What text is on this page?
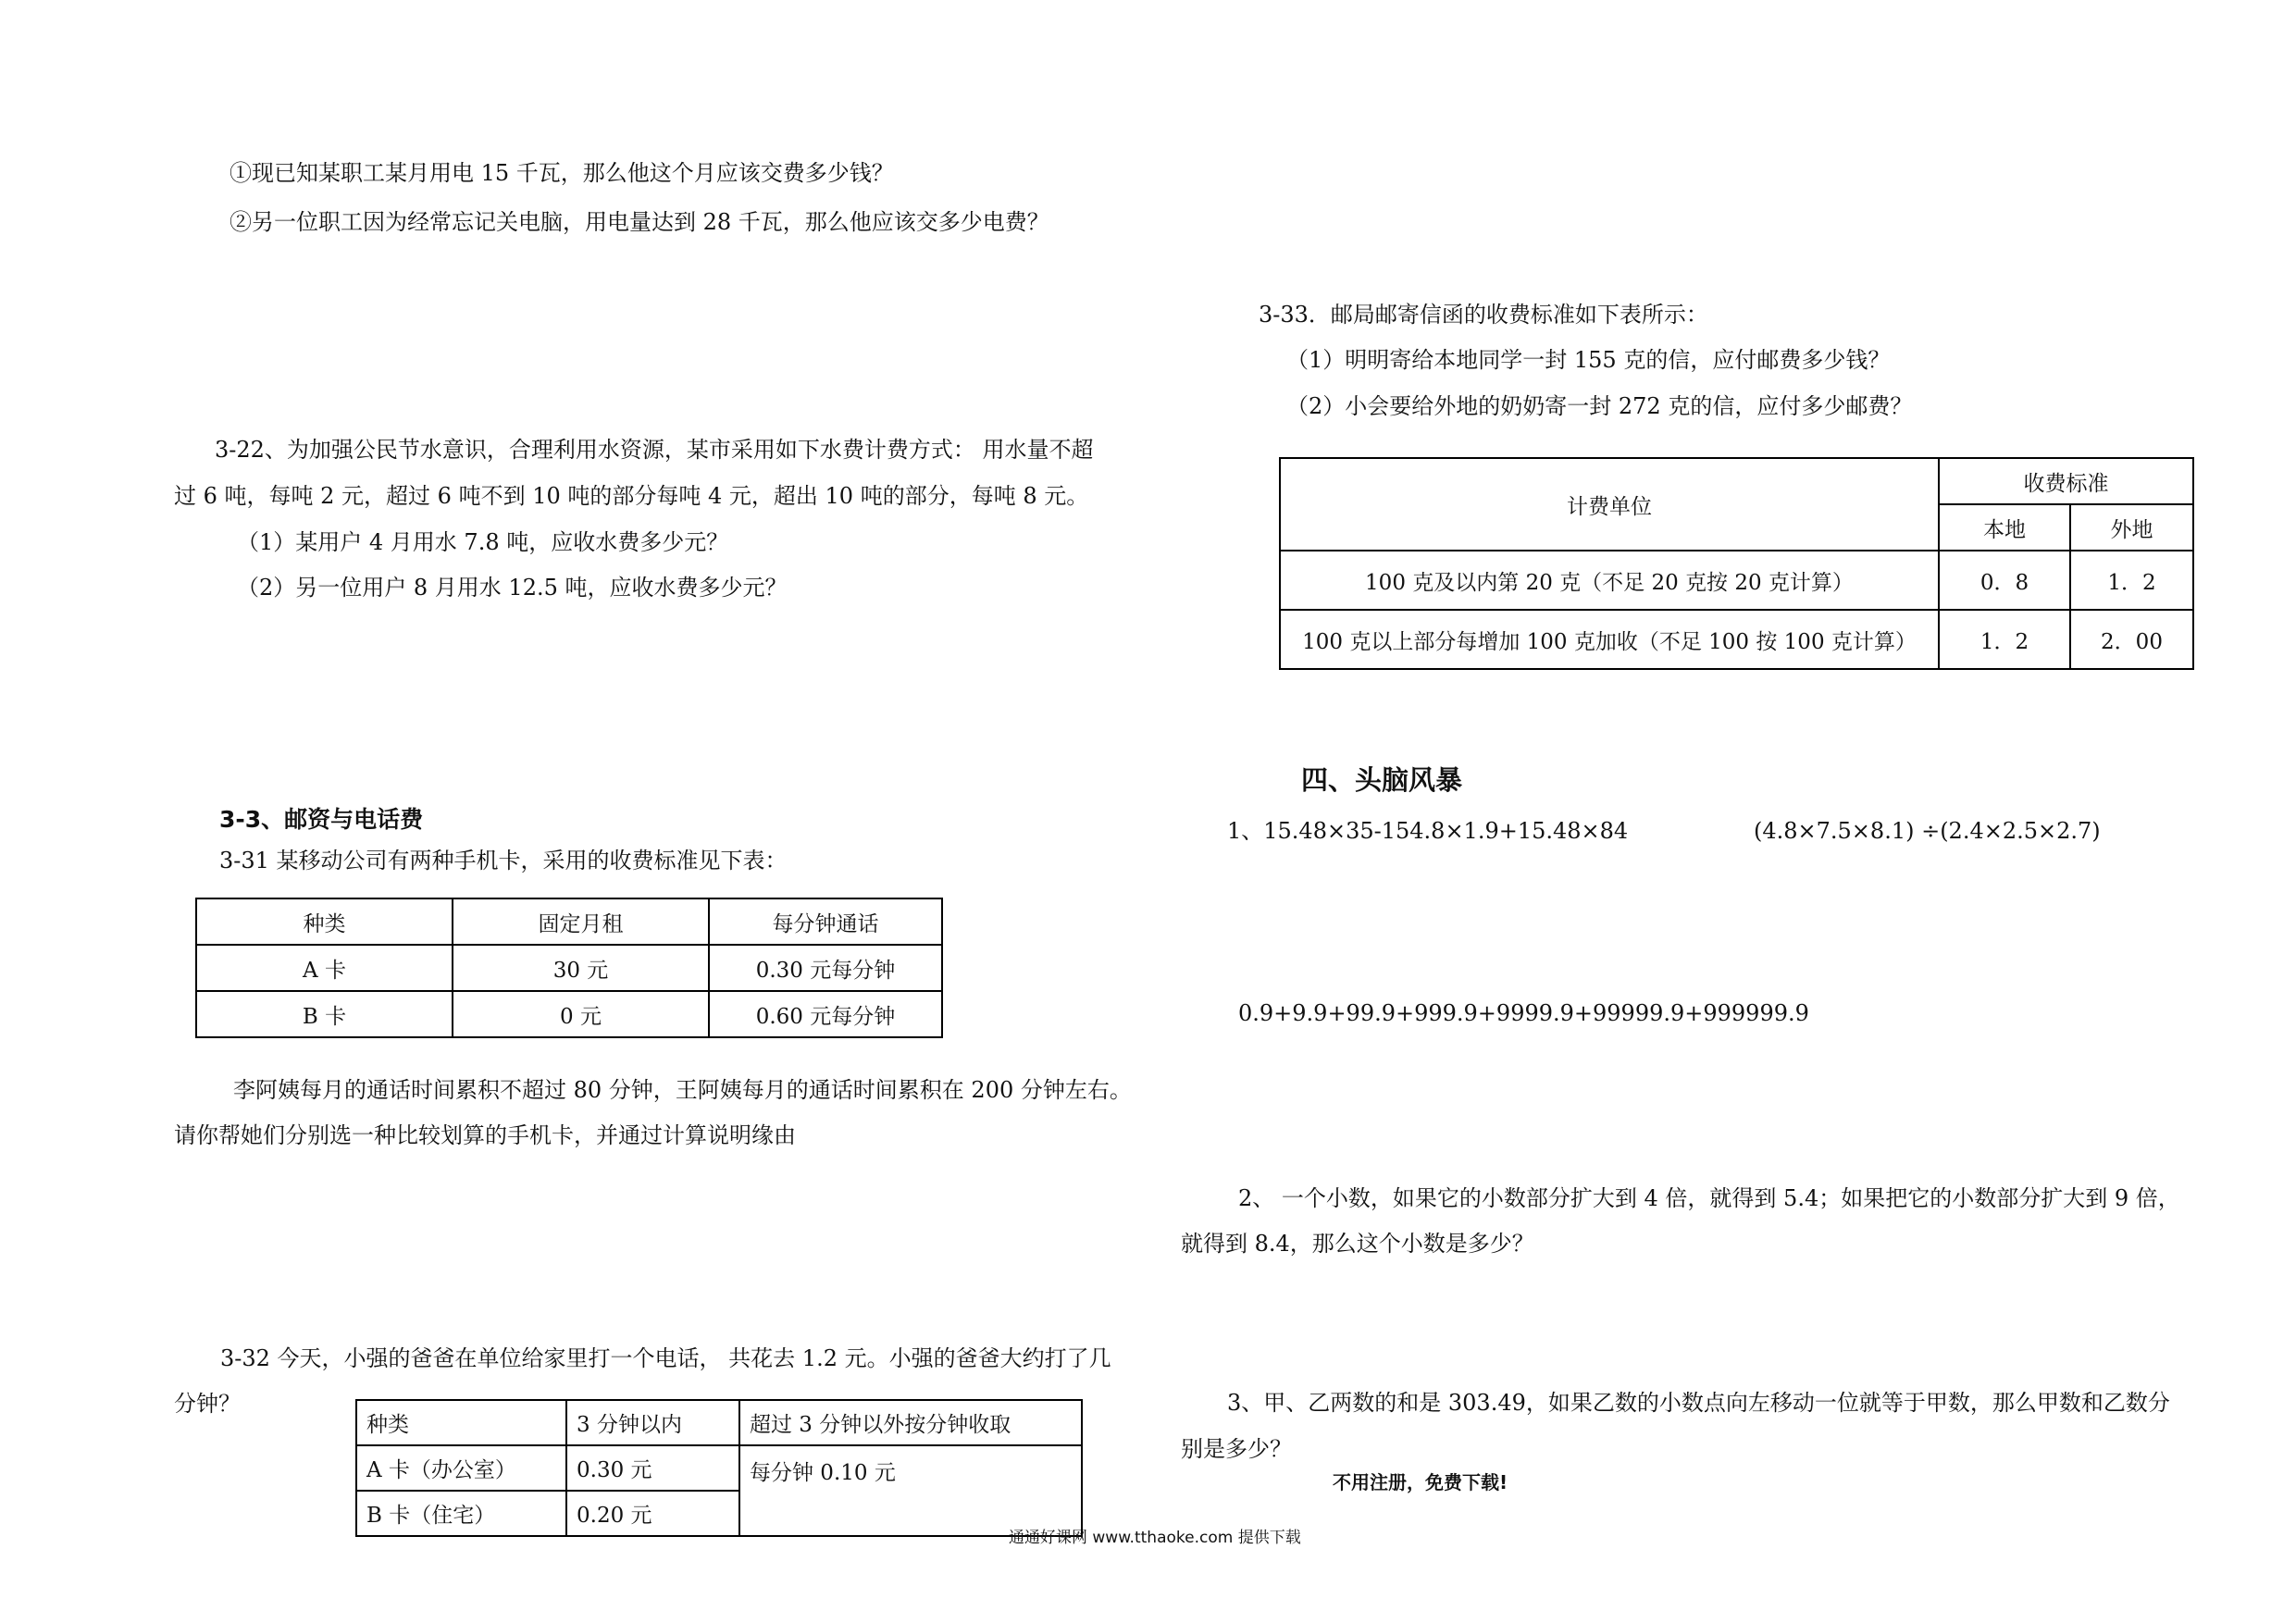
①现已知某职工某月用电 15 千瓦，那么他这个月应该交费多少钱？
②另一位职工因为经常忘记关电脑，用电量达到 28 千瓦，那么他应该交多少电费？
3-22、为加强公民节水意识，合理利用水资源，某市采用如下水费计费方式： 用水量不超
过 6 吨，每吨 2 元，超过 6 吨不到 10 吨的部分每吨 4 元，超出 10 吨的部分，每吨 8 元。
（1）某用户 4 月用水 7.8 吨，应收水费多少元？
（2）另一位用户 8 月用水 12.5 吨，应收水费多少元？
3-3、邮资与电话费
3-31 某移动公司有两种手机卡，采用的收费标准见下表：
种类	固定月租	每分钟通话
A 卡	30 元	0.30 元每分钟
B 卡	0 元	0.60 元每分钟
李阿姨每月的通话时间累积不超过 80 分钟，王阿姨每月的通话时间累积在 200 分钟左右。
请你帮她们分别选一种比较划算的手机卡，并通过计算说明缘由
3-32 今天，小强的爸爸在单位给家里打一个电话， 共花去 1.2 元。小强的爸爸大约打了几
分钟？
种类	3 分钟以内	超过 3 分钟以外按分钟收取
A 卡（办公室）	0.30 元	每分钟 0.10 元
B 卡（住宅）	0.20 元	
3-33．邮局邮寄信函的收费标准如下表所示：
（1）明明寄给本地同学一封 155 克的信，应付邮费多少钱？
（2）小会要给外地的奶奶寄一封 272 克的信，应付多少邮费？
计费单位	收费标准	
	本地	外地
100 克及以内第 20 克（不足 20 克按 20 克计算）	0．8	1．2
100 克以上部分每增加 100 克加收（不足 100 按 100 克计算）	1．2	2．00
四、头脑风暴
1、15.48×35-154.8×1.9+15.48×84	(4.8×7.5×8.1) ÷(2.4×2.5×2.7)
0.9+9.9+99.9+999.9+9999.9+99999.9+999999.9
2、 一个小数，如果它的小数部分扩大到 4 倍，就得到 5.4；如果把它的小数部分扩大到 9 倍，
就得到 8.4，那么这个小数是多少？
3、甲、乙两数的和是 303.49，如果乙数的小数点向左移动一位就等于甲数，那么甲数和乙数分
别是多少？
不用注册，免费下载!
通通好课网 www.tthaoke.com 提供下载
